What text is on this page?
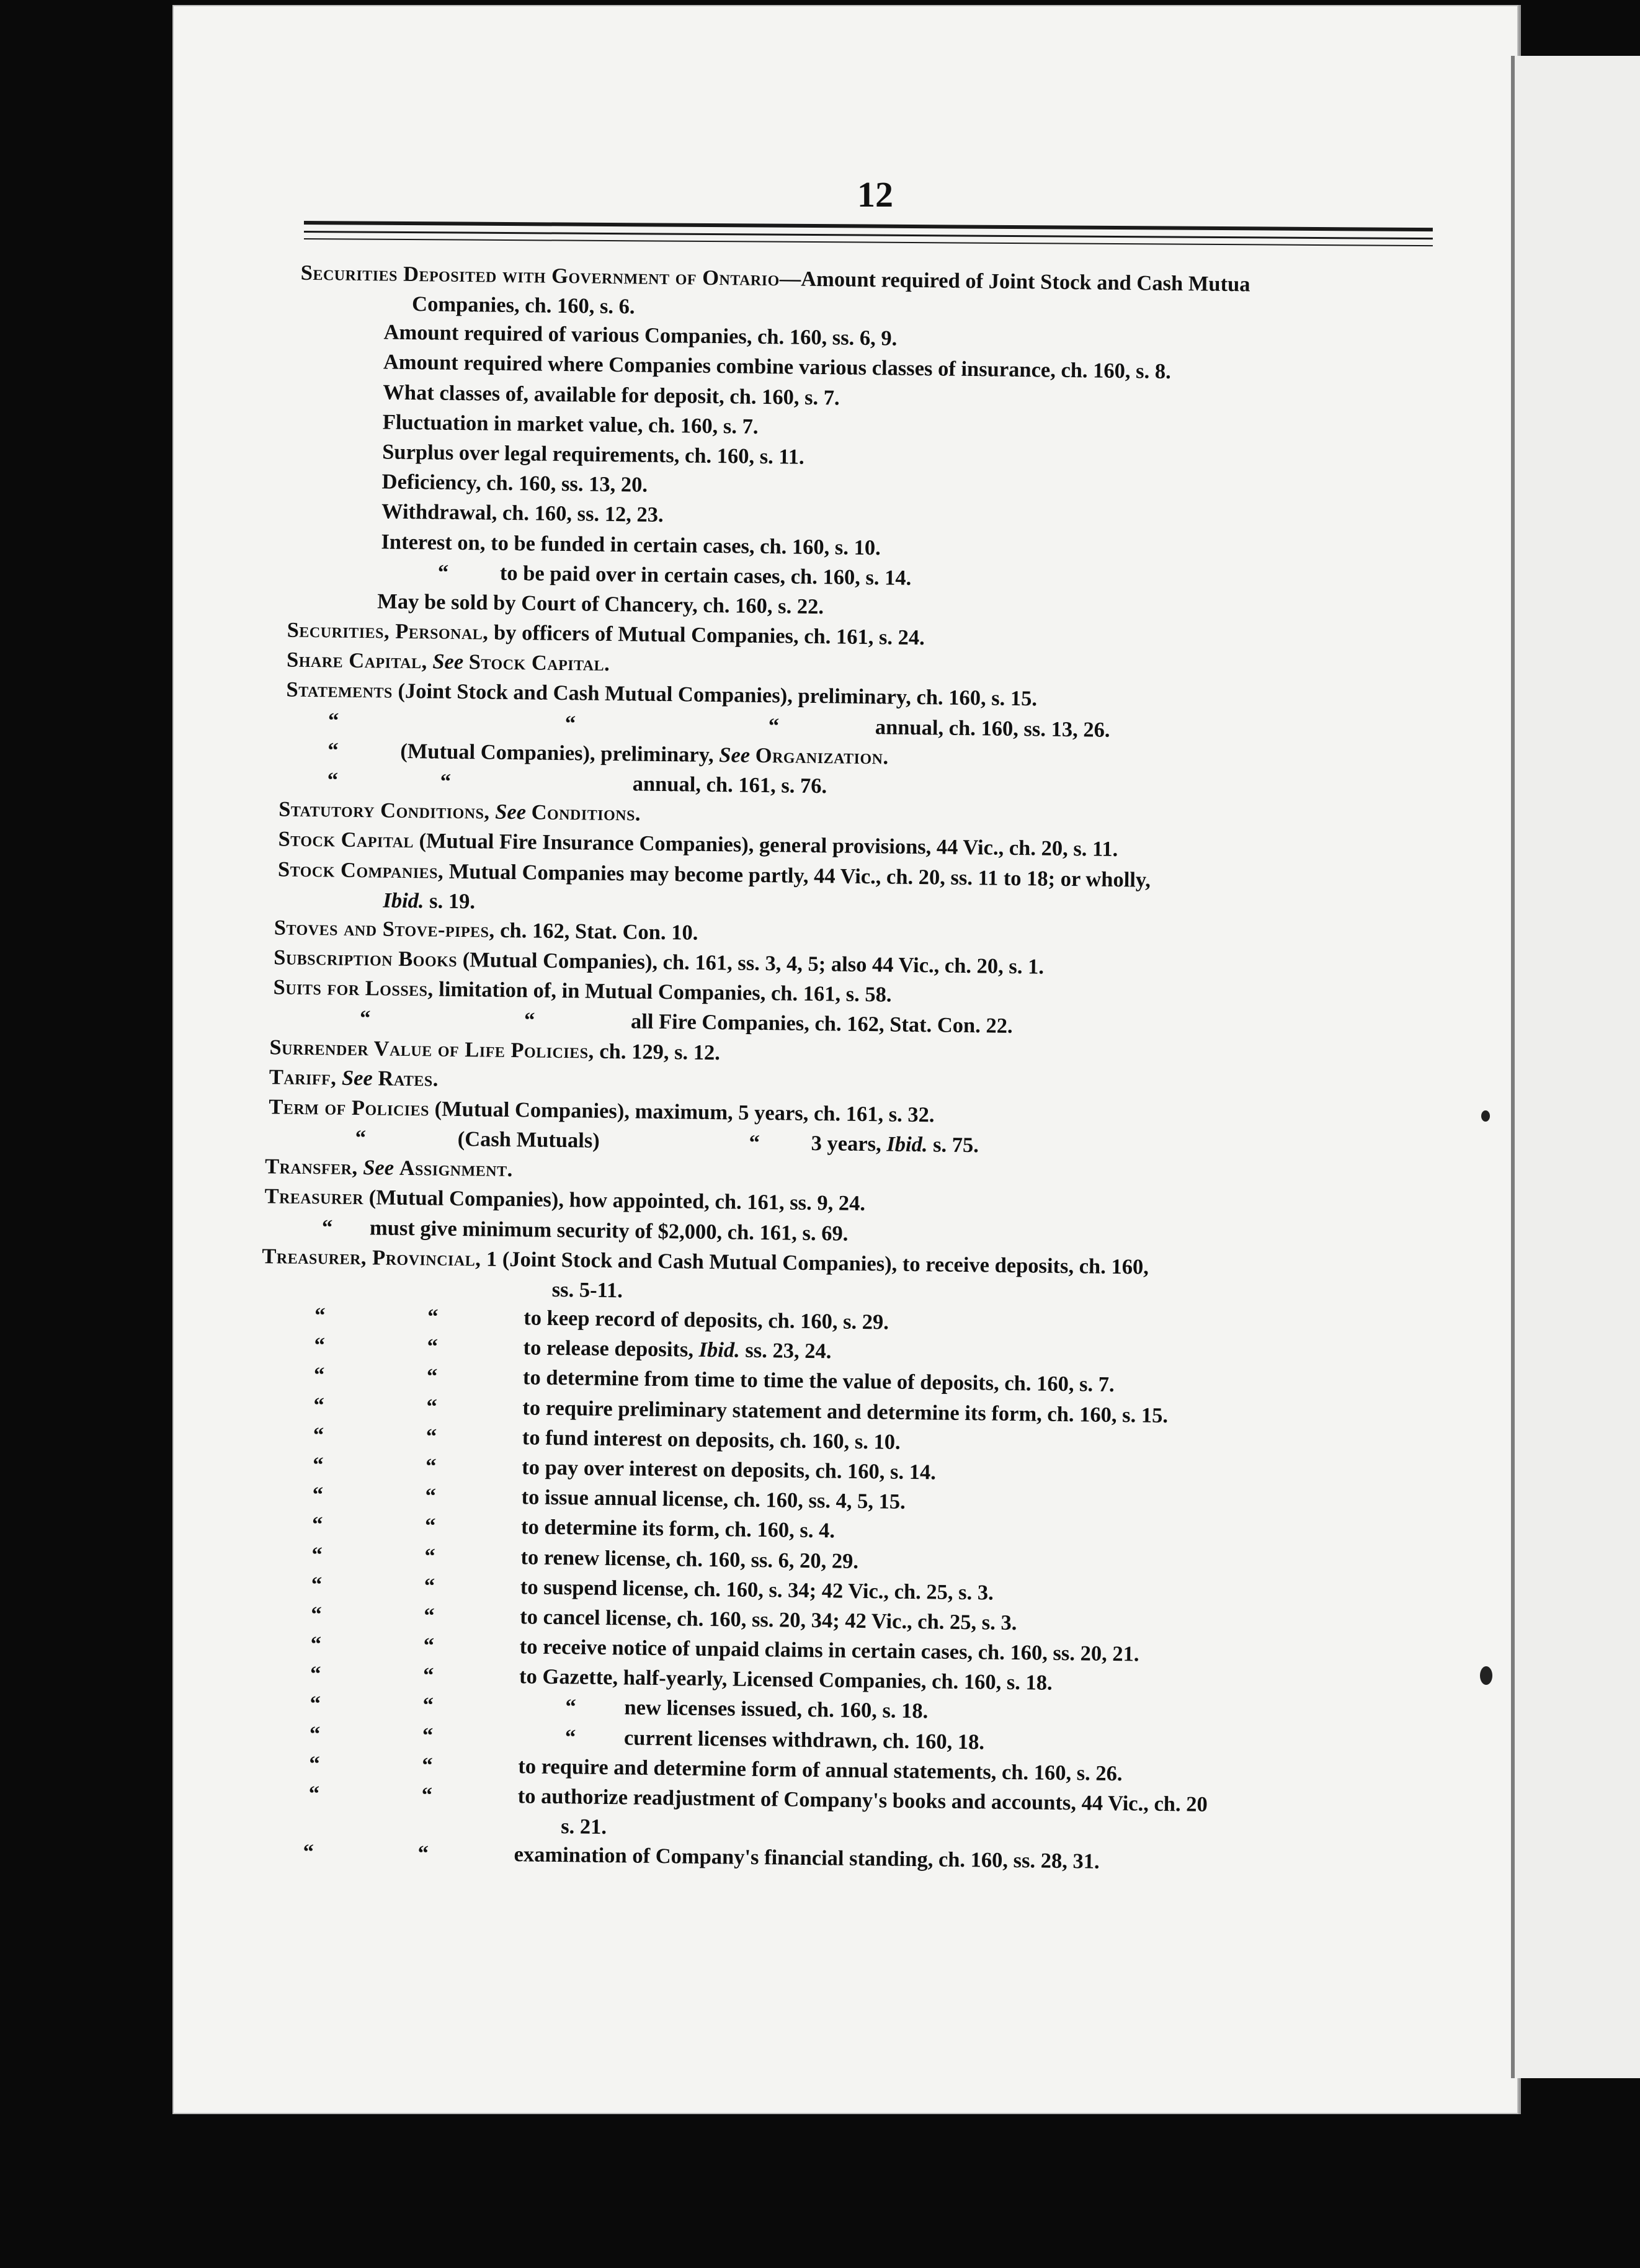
12

Securities Deposited with Government of Ontario—Amount required of Joint Stock and Cash Mutua

Companies, ch. 160, s. 6.

Amount required of various Companies, ch. 160, ss. 6, 9.
Amount required where Companies combine various classes of insurance, ch. 160, s. 8.
What classes of, available for deposit, ch. 160, s. 7.
Fluctuation in market value, ch. 160, s. 7.
Surplus over legal requirements, ch. 160, s. 11.
Deficiency, ch. 160, ss. 13, 20.
Withdrawal, ch. 160, ss. 12, 23.
Interest on, to be funded in certain cases, ch. 160, s. 10.

“

to be paid over in certain cases, ch. 160, s. 14.

May be sold by Court of Chancery, ch. 160, s. 22.

Securities, Personal, by officers of Mutual Companies, ch. 161, s. 24.

Share Capital, See Stock Capital.

Statements (Joint Stock and Cash Mutual Companies), preliminary, ch. 160, s. 15.

“

	“

	“

	annual, ch. 160, ss. 13, 26.

“

	(Mutual Companies), preliminary, See Organization.

“

	“

	annual, ch. 161, s. 76.

Statutory Conditions, See Conditions.

Stock Capital (Mutual Fire Insurance Companies), general provisions, 44 Vic., ch. 20, s. 11.

Stock Companies, Mutual Companies may become partly, 44 Vic., ch. 20, ss. 11 to 18; or wholly,

Ibid. s. 19.

Stoves and Stove-pipes, ch. 162, Stat. Con. 10.

Subscription Books (Mutual Companies), ch. 161, ss. 3, 4, 5; also 44 Vic., ch. 20, s. 1.

Suits for Losses, limitation of, in Mutual Companies, ch. 161, s. 58.

“

	“

	all Fire Companies, ch. 162, Stat. Con. 22.

Surrender Value of Life Policies, ch. 129, s. 12.

Tariff, See Rates.

Term of Policies (Mutual Companies), maximum, 5 years, ch. 161, s. 32.

“

	(Cash Mutuals)

	“

3 years, Ibid. s. 75.

Transfer, See Assignment.

Treasurer (Mutual Companies), how appointed, ch. 161, ss. 9, 24.

“

must give minimum security of $2,000, ch. 161, s. 69.

Treasurer, Provincial, 1 (Joint Stock and Cash Mutual Companies), to receive deposits, ch. 160,

ss. 5-11.

“	“	to keep record of deposits, ch. 160, s. 29.
“	“	to release deposits, Ibid. ss. 23, 24.
“	“	to determine from time to time the value of deposits, ch. 160, s. 7.
“	“	to require preliminary statement and determine its form, ch. 160, s. 15.
“	“	to fund interest on deposits, ch. 160, s. 10.
“	“	to pay over interest on deposits, ch. 160, s. 14.
“	“	to issue annual license, ch. 160, ss. 4, 5, 15.
“	“	to determine its form, ch. 160, s. 4.
“	“	to renew license, ch. 160, ss. 6, 20, 29.
“	“	to suspend license, ch. 160, s. 34; 42 Vic., ch. 25, s. 3.
“	“	to cancel license, ch. 160, ss. 20, 34; 42 Vic., ch. 25, s. 3.
“	“	to receive notice of unpaid claims in certain cases, ch. 160, ss. 20, 21.
“	“	to Gazette, half-yearly, Licensed Companies, ch. 160, s. 18.
“	“	“ new licenses issued, ch. 160, s. 18.
“	“	“ current licenses withdrawn, ch. 160, 18.
“	“	to require and determine form of annual statements, ch. 160, s. 26.
“	“	to authorize readjustment of Company's books and accounts, 44 Vic., ch. 20
s. 21.
“	“	examination of Company's financial standing, ch. 160, ss. 28, 31.
